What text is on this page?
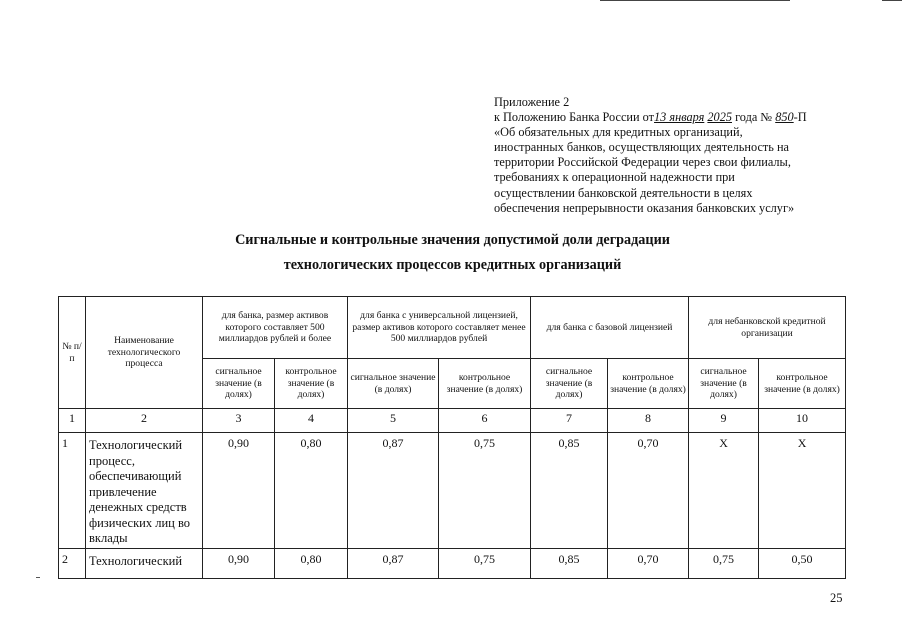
Приложение 2
к Положению Банка России от13 января 2025 года № 850-П
«Об обязательных для кредитных организаций,
иностранных банков, осуществляющих деятельность на
территории Российской Федерации через свои филиалы,
требованиях к операционной надежности при
осуществлении банковской деятельности в целях
обеспечения непрерывности оказания банковских услуг»
Сигнальные и контрольные значения допустимой доли деградации
технологических процессов кредитных организаций
№ п/п	Наименование технологического процесса	для банка, размер активов которого составляет 500 миллиардов рублей и более		для банка с универсальной лицензией, размер активов которого составляет менее 500 миллиардов рублей		для банка с базовой лицензией		для небанковской кредитной организации	
		сигнальное значение (в долях)	контрольное значение (в долях)	сигнальное значение (в долях)	контрольное значение (в долях)	сигнальное значение (в долях)	контрольное значение (в долях)	сигнальное значение (в долях)	контрольное значение (в долях)
1	2	3	4	5	6	7	8	9	10
1	Технологический процесс, обеспечивающий привлечение денежных средств физических лиц во вклады	0,90	0,80	0,87	0,75	0,85	0,70	Х	Х
2	Технологический	0,90	0,80	0,87	0,75	0,85	0,70	0,75	0,50
25
